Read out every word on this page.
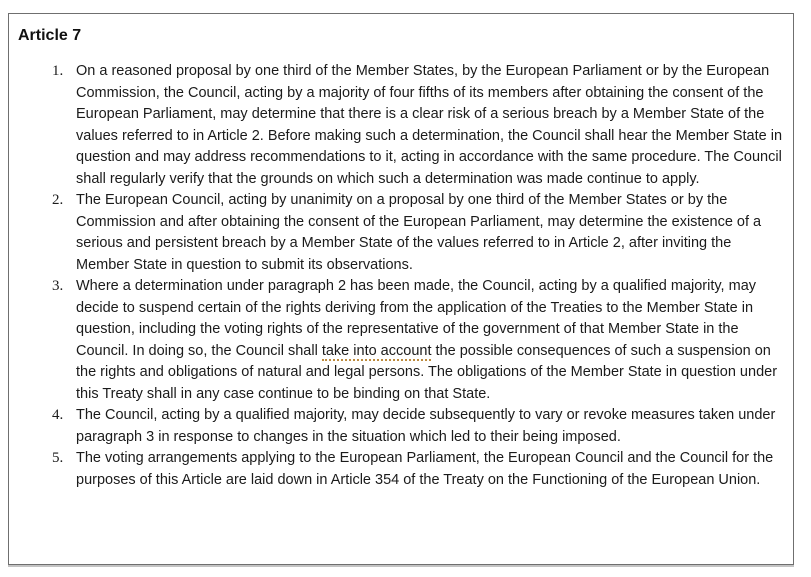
Article 7
1. On a reasoned proposal by one third of the Member States, by the European Parliament or by the European Commission, the Council, acting by a majority of four fifths of its members after obtaining the consent of the European Parliament, may determine that there is a clear risk of a serious breach by a Member State of the values referred to in Article 2. Before making such a determination, the Council shall hear the Member State in question and may address recommendations to it, acting in accordance with the same procedure. The Council shall regularly verify that the grounds on which such a determination was made continue to apply.
2. The European Council, acting by unanimity on a proposal by one third of the Member States or by the Commission and after obtaining the consent of the European Parliament, may determine the existence of a serious and persistent breach by a Member State of the values referred to in Article 2, after inviting the Member State in question to submit its observations.
3. Where a determination under paragraph 2 has been made, the Council, acting by a qualified majority, may decide to suspend certain of the rights deriving from the application of the Treaties to the Member State in question, including the voting rights of the representative of the government of that Member State in the Council. In doing so, the Council shall take into account the possible consequences of such a suspension on the rights and obligations of natural and legal persons. The obligations of the Member State in question under this Treaty shall in any case continue to be binding on that State.
4. The Council, acting by a qualified majority, may decide subsequently to vary or revoke measures taken under paragraph 3 in response to changes in the situation which led to their being imposed.
5. The voting arrangements applying to the European Parliament, the European Council and the Council for the purposes of this Article are laid down in Article 354 of the Treaty on the Functioning of the European Union.
